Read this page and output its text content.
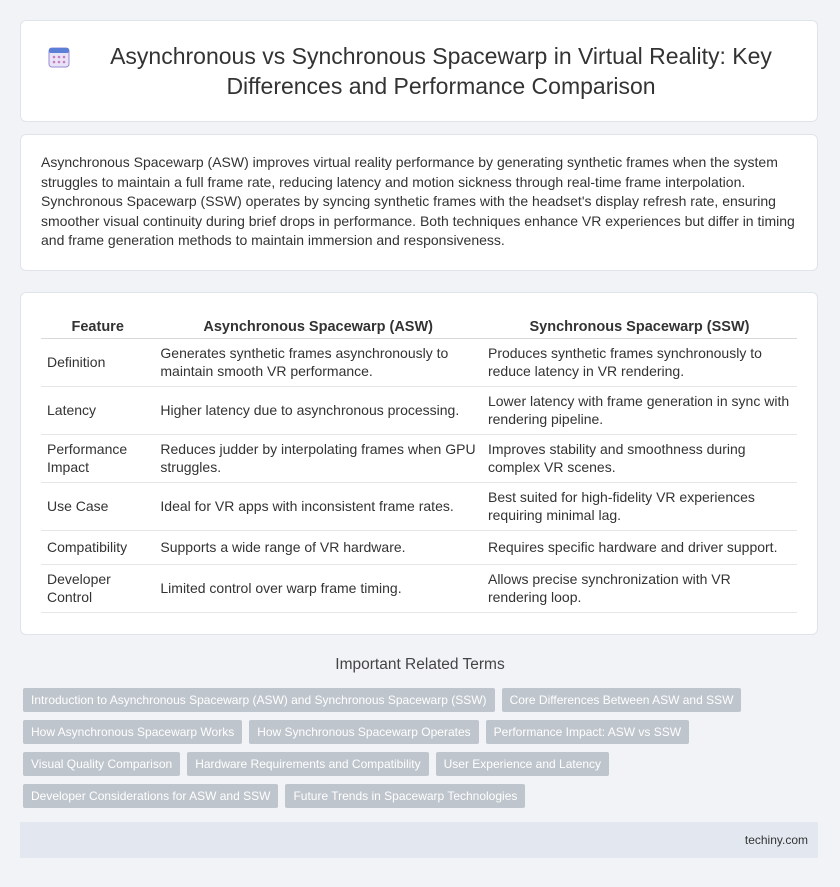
Asynchronous vs Synchronous Spacewarp in Virtual Reality: Key Differences and Performance Comparison

Asynchronous Spacewarp (ASW) improves virtual reality performance by generating synthetic frames when the system struggles to maintain a full frame rate, reducing latency and motion sickness through real-time frame interpolation. Synchronous Spacewarp (SSW) operates by syncing synthetic frames with the headset's display refresh rate, ensuring smoother visual continuity during brief drops in performance. Both techniques enhance VR experiences but differ in timing and frame generation methods to maintain immersion and responsiveness.

Feature	Asynchronous Spacewarp (ASW)	Synchronous Spacewarp (SSW)
Definition	Generates synthetic frames asynchronously to maintain smooth VR performance.	Produces synthetic frames synchronously to reduce latency in VR rendering.
Latency	Higher latency due to asynchronous processing.	Lower latency with frame generation in sync with rendering pipeline.
Performance Impact	Reduces judder by interpolating frames when GPU struggles.	Improves stability and smoothness during complex VR scenes.
Use Case	Ideal for VR apps with inconsistent frame rates.	Best suited for high-fidelity VR experiences requiring minimal lag.
Compatibility	Supports a wide range of VR hardware.	Requires specific hardware and driver support.
Developer Control	Limited control over warp frame timing.	Allows precise synchronization with VR rendering loop.
Important Related Terms
Introduction to Asynchronous Spacewarp (ASW) and Synchronous Spacewarp (SSW)	Core Differences Between ASW and SSW
How Asynchronous Spacewarp Works	How Synchronous Spacewarp Operates	Performance Impact: ASW vs SSW
Visual Quality Comparison	Hardware Requirements and Compatibility	User Experience and Latency
Developer Considerations for ASW and SSW	Future Trends in Spacewarp Technologies
techiny.com
